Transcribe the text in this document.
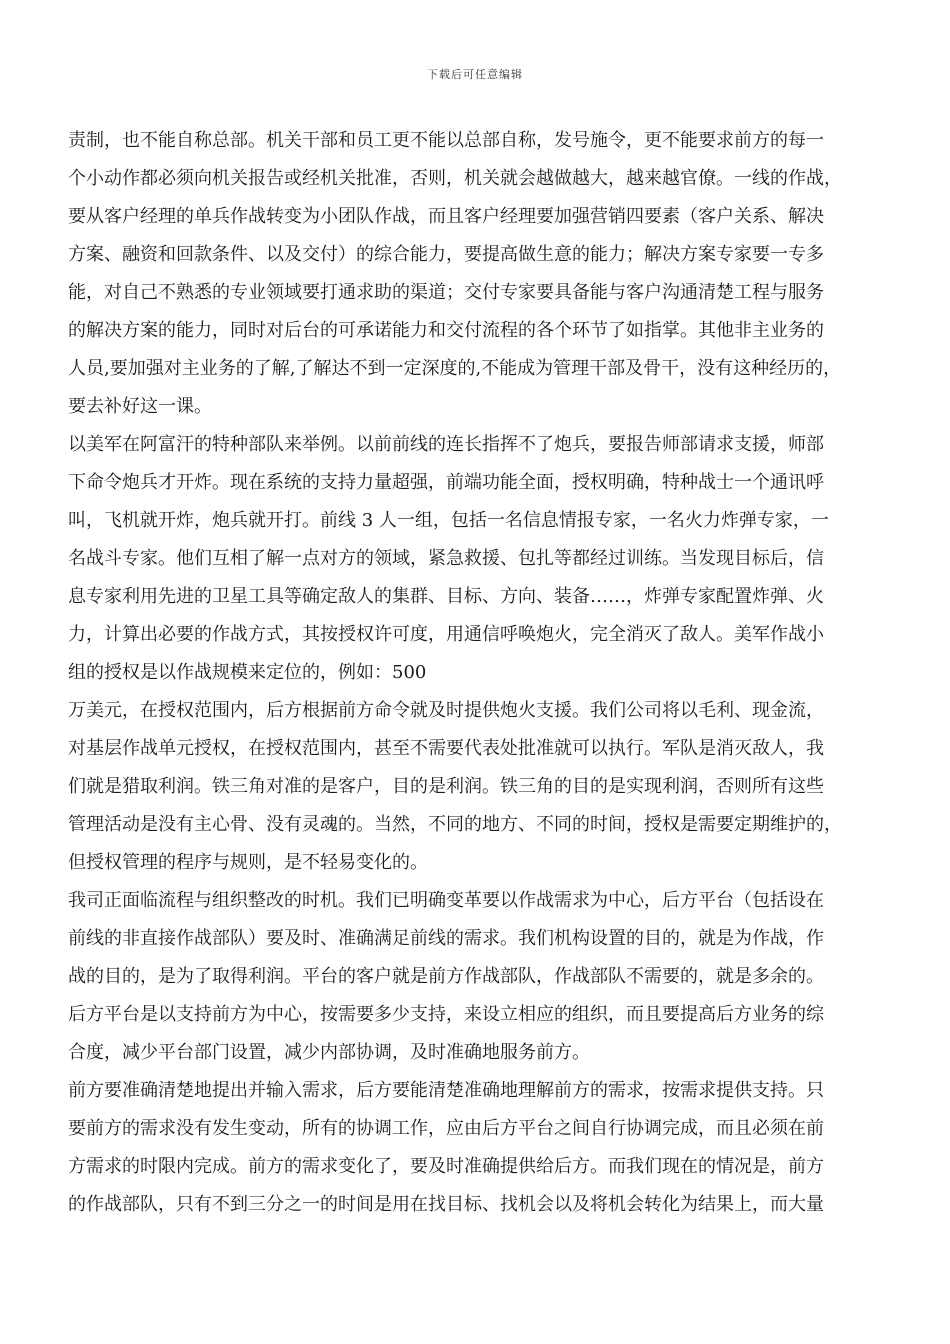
下载后可任意编辑
责制，也不能自称总部。机关干部和员工更不能以总部自称，发号施令，更不能要求前方的每一
个小动作都必须向机关报告或经机关批准，否则，机关就会越做越大，越来越官僚。一线的作战，
要从客户经理的单兵作战转变为小团队作战，而且客户经理要加强营销四要素（客户关系、解决
方案、融资和回款条件、以及交付）的综合能力，要提高做生意的能力；解决方案专家要一专多
能，对自己不熟悉的专业领域要打通求助的渠道；交付专家要具备能与客户沟通清楚工程与服务
的解决方案的能力，同时对后台的可承诺能力和交付流程的各个环节了如指掌。其他非主业务的
人员,要加强对主业务的了解,了解达不到一定深度的,不能成为管理干部及骨干，没有这种经历的，
要去补好这一课。
以美军在阿富汗的特种部队来举例。以前前线的连长指挥不了炮兵，要报告师部请求支援，师部
下命令炮兵才开炸。现在系统的支持力量超强，前端功能全面，授权明确，特种战士一个通讯呼
叫，飞机就开炸，炮兵就开打。前线 3 人一组，包括一名信息情报专家，一名火力炸弹专家，一
名战斗专家。他们互相了解一点对方的领域，紧急救援、包扎等都经过训练。当发现目标后，信
息专家利用先进的卫星工具等确定敌人的集群、目标、方向、装备……，炸弹专家配置炸弹、火
力，计算出必要的作战方式，其按授权许可度，用通信呼唤炮火，完全消灭了敌人。美军作战小
组的授权是以作战规模来定位的，例如：500
万美元，在授权范围内，后方根据前方命令就及时提供炮火支援。我们公司将以毛利、现金流，
对基层作战单元授权，在授权范围内，甚至不需要代表处批准就可以执行。军队是消灭敌人，我
们就是猎取利润。铁三角对准的是客户，目的是利润。铁三角的目的是实现利润，否则所有这些
管理活动是没有主心骨、没有灵魂的。当然，不同的地方、不同的时间，授权是需要定期维护的，
但授权管理的程序与规则，是不轻易变化的。
我司正面临流程与组织整改的时机。我们已明确变革要以作战需求为中心，后方平台（包括设在
前线的非直接作战部队）要及时、准确满足前线的需求。我们机构设置的目的，就是为作战，作
战的目的，是为了取得利润。平台的客户就是前方作战部队，作战部队不需要的，就是多余的。
后方平台是以支持前方为中心，按需要多少支持，来设立相应的组织，而且要提高后方业务的综
合度，减少平台部门设置，减少内部协调，及时准确地服务前方。
前方要准确清楚地提出并输入需求，后方要能清楚准确地理解前方的需求，按需求提供支持。只
要前方的需求没有发生变动，所有的协调工作，应由后方平台之间自行协调完成，而且必须在前
方需求的时限内完成。前方的需求变化了，要及时准确提供给后方。而我们现在的情况是，前方
的作战部队，只有不到三分之一的时间是用在找目标、找机会以及将机会转化为结果上，而大量
